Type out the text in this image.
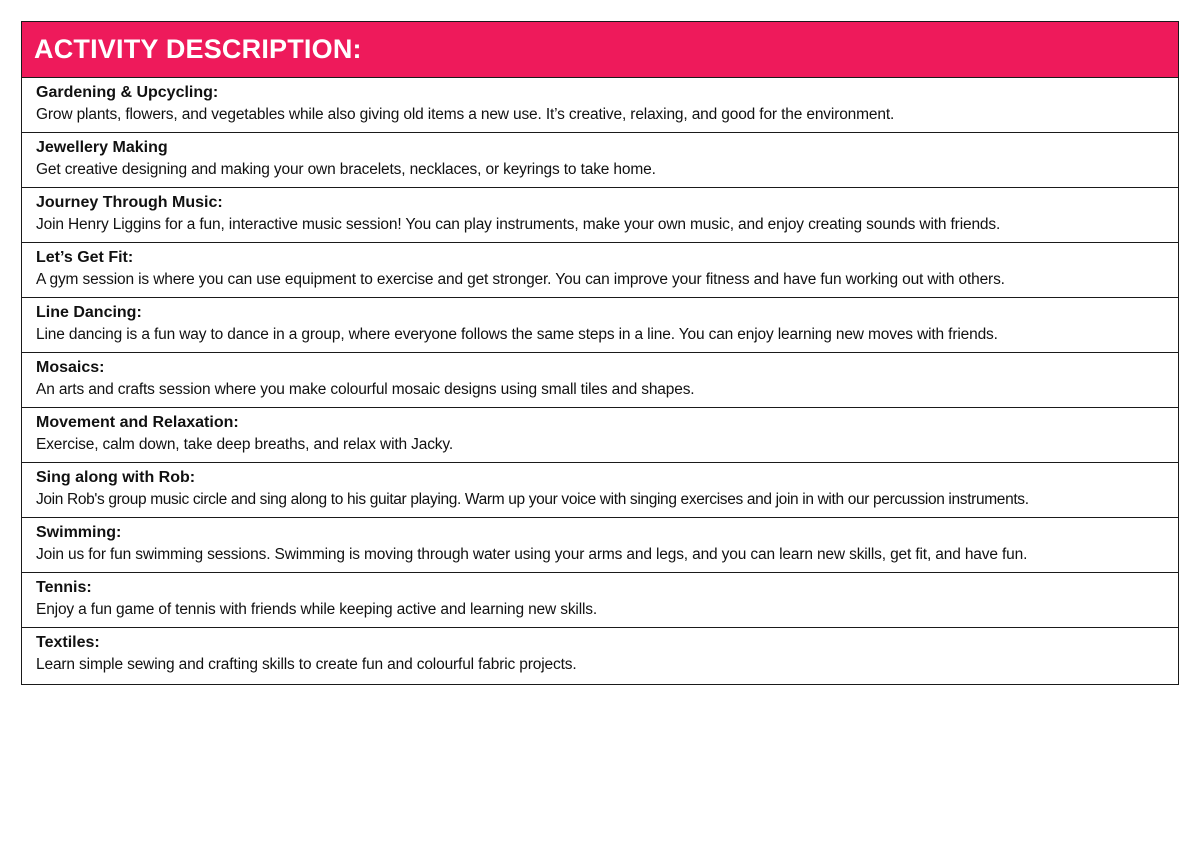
ACTIVITY DESCRIPTION:
Gardening & Upcycling:
Grow plants, flowers, and vegetables while also giving old items a new use. It’s creative, relaxing, and good for the environment.
Jewellery Making
Get creative designing and making your own bracelets, necklaces, or keyrings to take home.
Journey Through Music:
Join Henry Liggins for a fun, interactive music session! You can play instruments, make your own music, and enjoy creating sounds with friends.
Let’s Get Fit:
A gym session is where you can use equipment to exercise and get stronger. You can improve your fitness and have fun working out with others.
Line Dancing:
Line dancing is a fun way to dance in a group, where everyone follows the same steps in a line. You can enjoy learning new moves with friends.
Mosaics:
An arts and crafts session where you make colourful mosaic designs using small tiles and shapes.
Movement and Relaxation:
Exercise, calm down, take deep breaths, and relax with Jacky.
Sing along with Rob:
Join Rob's group music circle and sing along to his guitar playing. Warm up your voice with singing exercises and join in with our percussion instruments.
Swimming:
Join us for fun swimming sessions. Swimming is moving through water using your arms and legs, and you can learn new skills, get fit, and have fun.
Tennis:
Enjoy a fun game of tennis with friends while keeping active and learning new skills.
Textiles:
Learn simple sewing and crafting skills to create fun and colourful fabric projects.
